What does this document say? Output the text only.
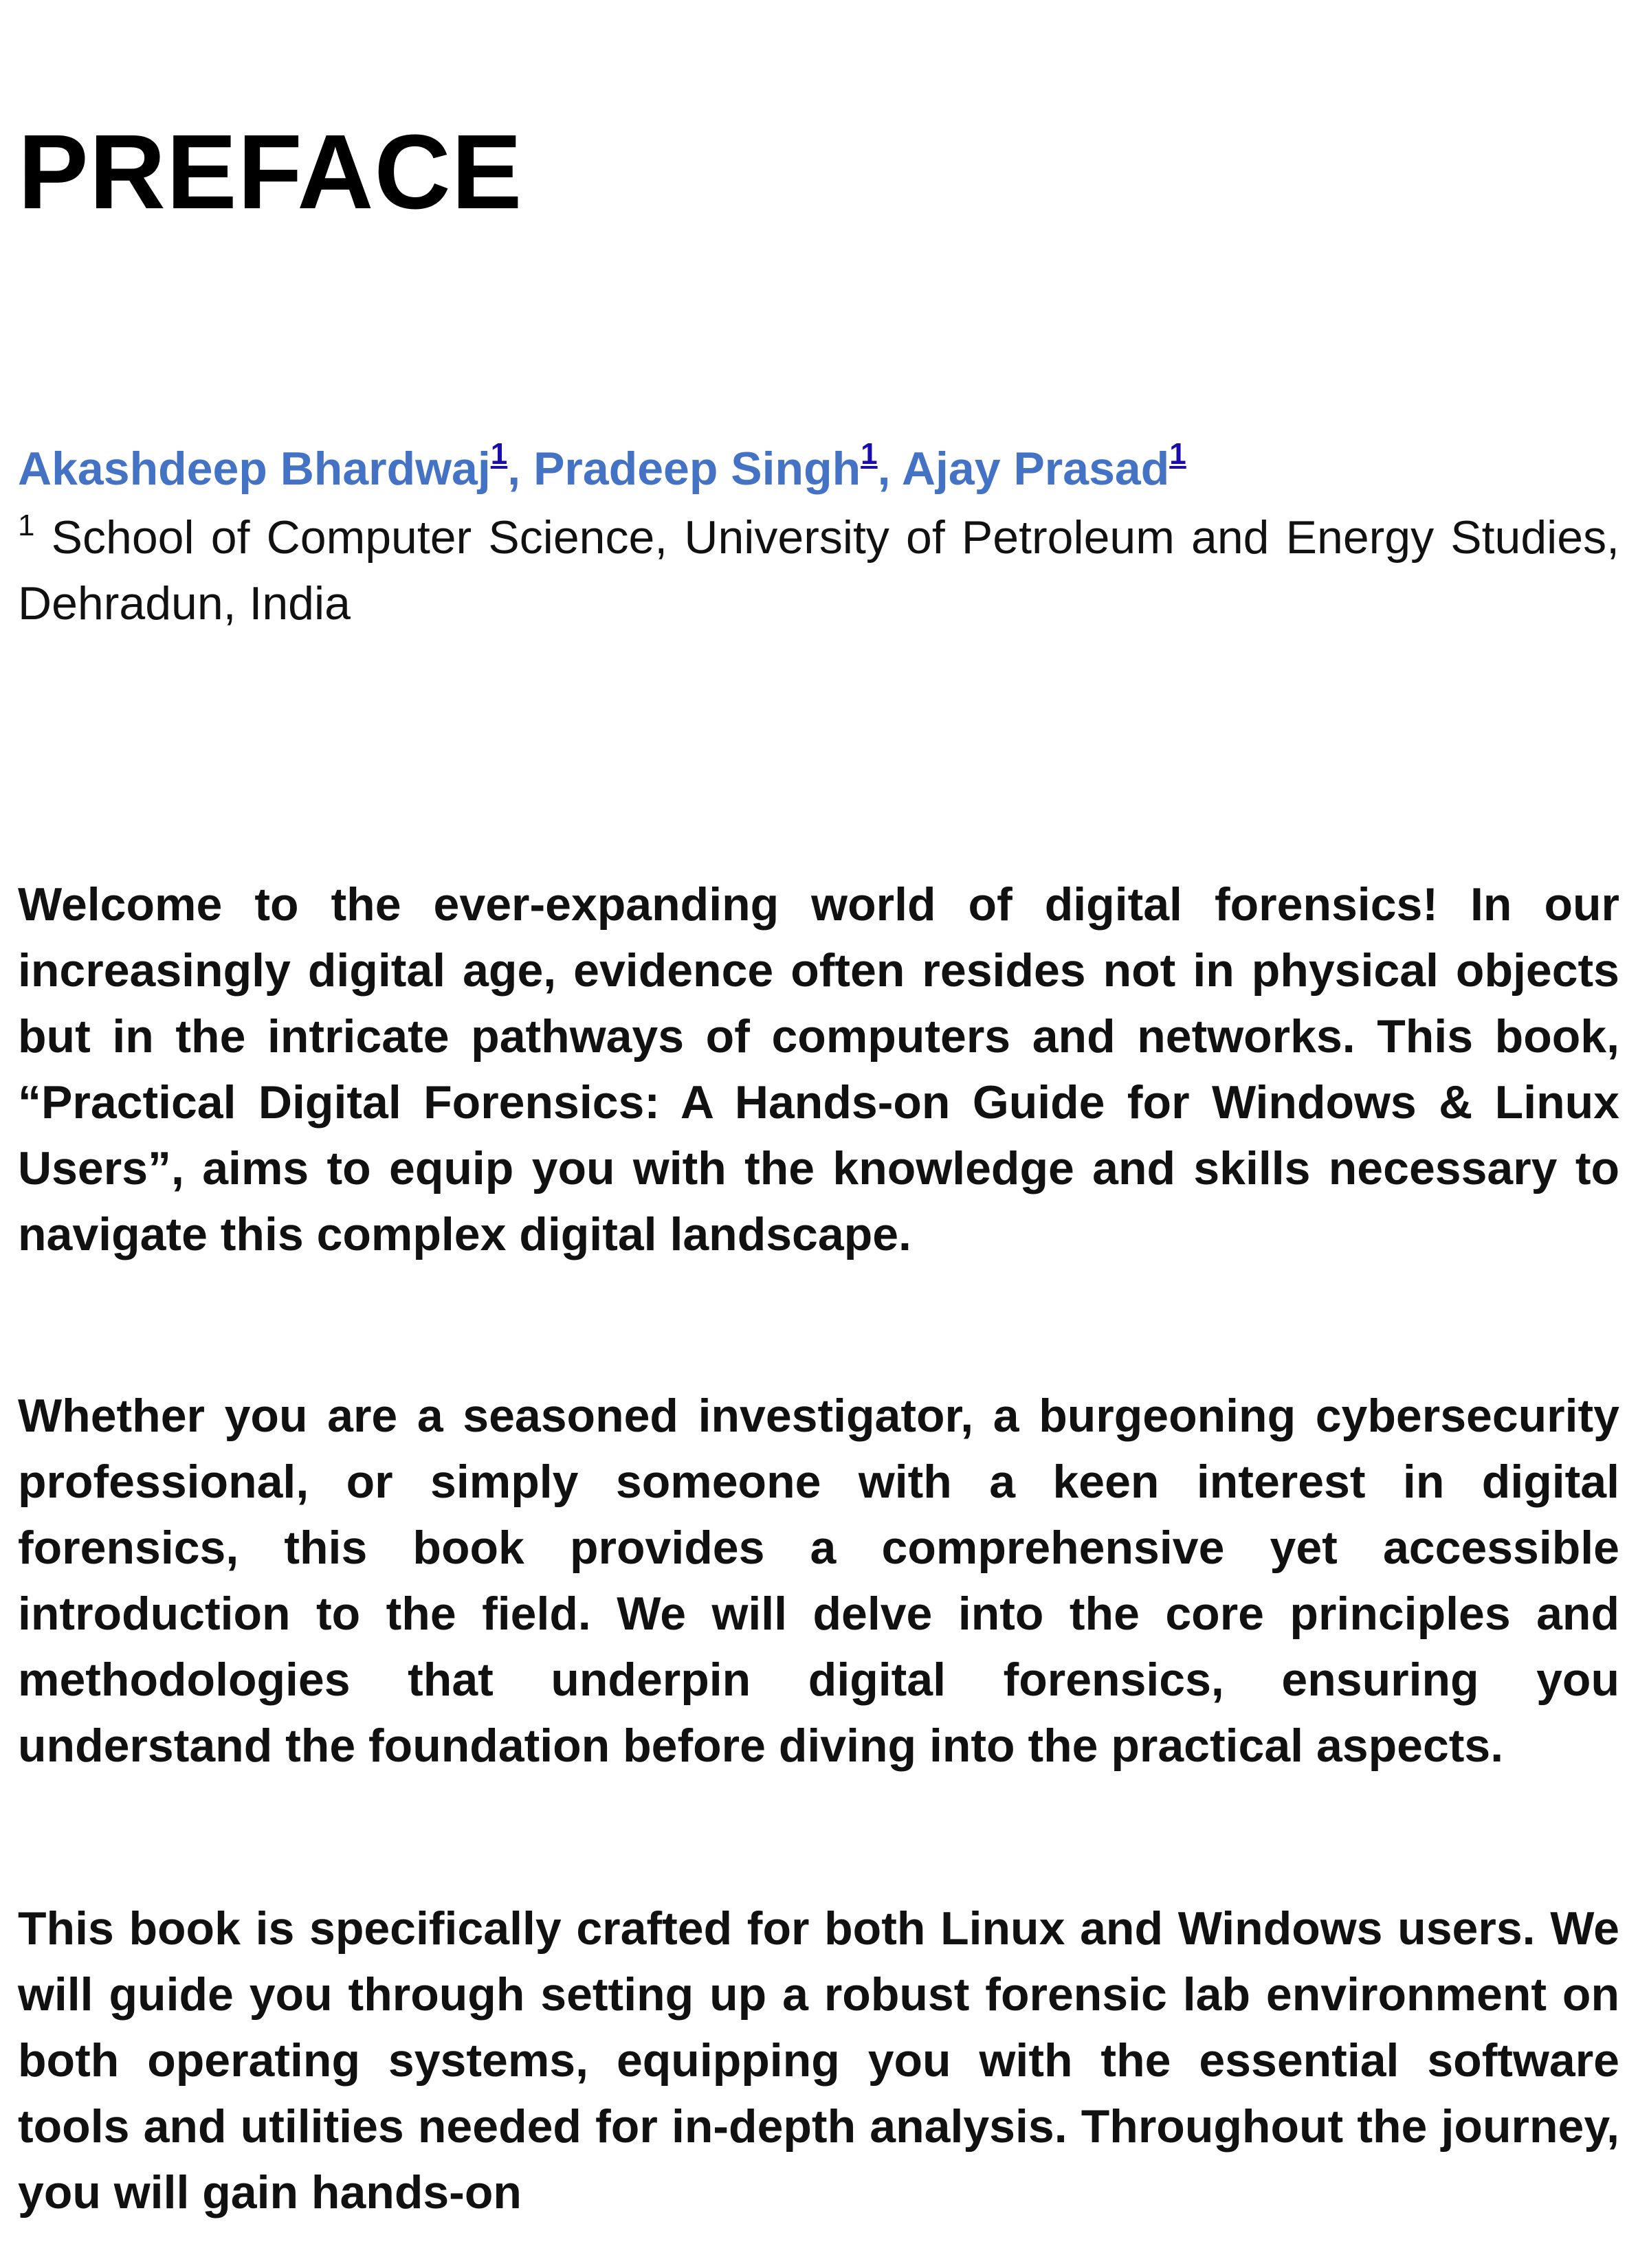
PREFACE
Akashdeep Bhardwaj$^1$, Pradeep Singh$^1$, Ajay Prasad$^1$
$^1$ School of Computer Science, University of Petroleum and Energy Studies, Dehradun, India

Welcome to the ever-expanding world of digital forensics! In our increasingly digital age, evidence often resides not in physical objects but in the intricate pathways of computers and networks. This book, “Practical Digital Forensics: A Hands-on Guide for Windows & Linux Users”, aims to equip you with the knowledge and skills necessary to navigate this complex digital landscape.

Whether you are a seasoned investigator, a burgeoning cybersecurity professional, or simply someone with a keen interest in digital forensics, this book provides a comprehensive yet accessible introduction to the field. We will delve into the core principles and methodologies that underpin digital forensics, ensuring you understand the foundation before diving into the practical aspects.

This book is specifically crafted for both Linux and Windows users. We will guide you through setting up a robust forensic lab environment on both operating systems, equipping you with the essential software tools and utilities needed for in-depth analysis. Throughout the journey, you will gain hands-on
